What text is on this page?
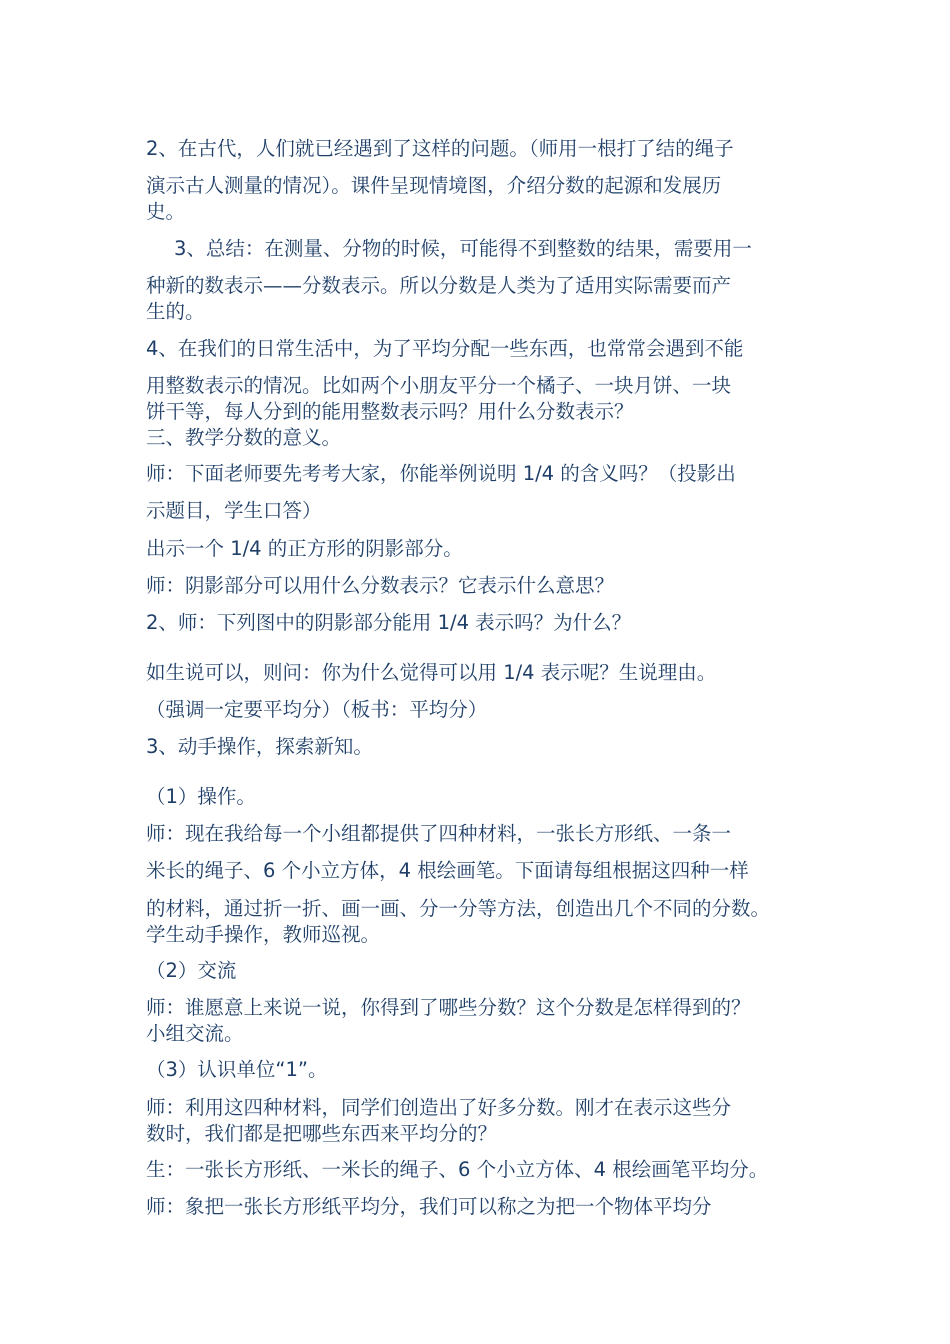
2、在古代，人们就已经遇到了这样的问题。（师用一根打了结的绳子
演示古人测量的情况）。课件呈现情境图，介绍分数的起源和发展历
史。
3、总结：在测量、分物的时候，可能得不到整数的结果，需要用一
种新的数表示——分数表示。所以分数是人类为了适用实际需要而产
生的。
4、在我们的日常生活中，为了平均分配一些东西，也常常会遇到不能
用整数表示的情况。比如两个小朋友平分一个橘子、一块月饼、一块
饼干等，每人分到的能用整数表示吗？用什么分数表示？
三、教学分数的意义。
师：下面老师要先考考大家，你能举例说明 1/4 的含义吗？（投影出
示题目，学生口答）
出示一个 1/4 的正方形的阴影部分。
师：阴影部分可以用什么分数表示？它表示什么意思？
2、师：下列图中的阴影部分能用 1/4 表示吗？为什么？
如生说可以，则问：你为什么觉得可以用 1/4 表示呢？生说理由。
（强调一定要平均分）（板书：平均分）
3、动手操作，探索新知。
（1）操作。
师：现在我给每一个小组都提供了四种材料，一张长方形纸、一条一
米长的绳子、6 个小立方体，4 根绘画笔。下面请每组根据这四种一样
的材料，通过折一折、画一画、分一分等方法，创造出几个不同的分数。
学生动手操作，教师巡视。
（2）交流
师：谁愿意上来说一说，你得到了哪些分数？这个分数是怎样得到的？
小组交流。
（3）认识单位“1”。
师：利用这四种材料，同学们创造出了好多分数。刚才在表示这些分
数时，我们都是把哪些东西来平均分的？
生：一张长方形纸、一米长的绳子、6 个小立方体、4 根绘画笔平均分。
师：象把一张长方形纸平均分，我们可以称之为把一个物体平均分
